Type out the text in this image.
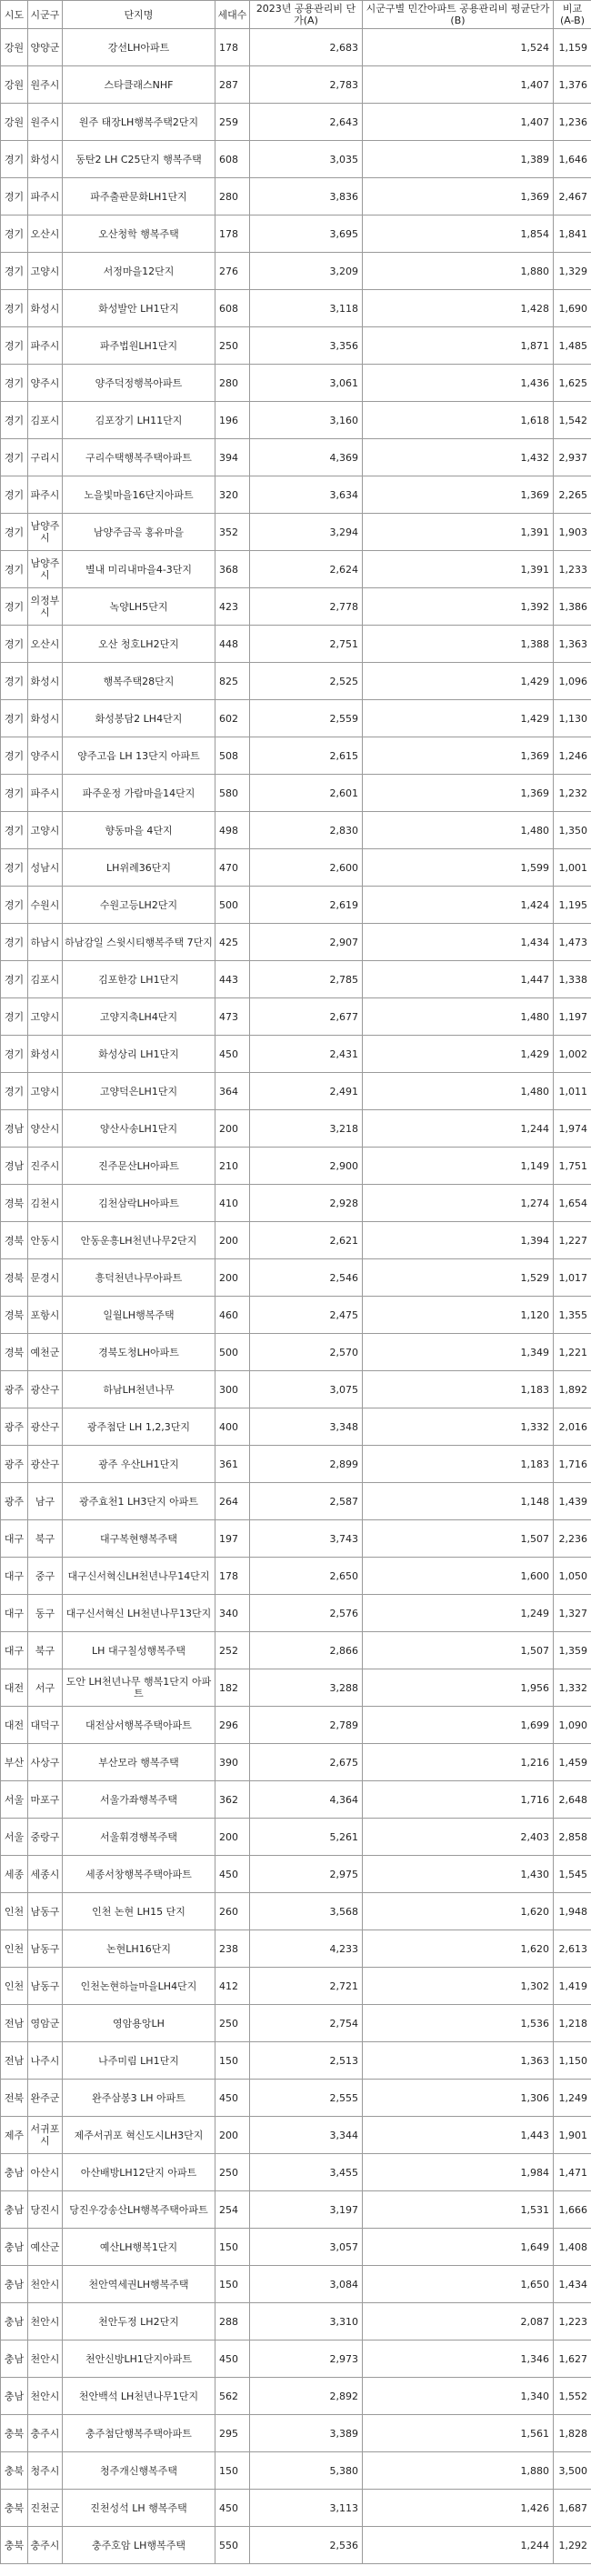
시도	시군구	단지명	세대수	2023년 공용관리비 단가(A)	시군구별 민간아파트 공용관리비 평균단가(B)	비교 (A-B)
강원	양양군	강선LH아파트	178	2,683	1,524	1,159
강원	원주시	스타클래스NHF	287	2,783	1,407	1,376
강원	원주시	원주 태장LH행복주택2단지	259	2,643	1,407	1,236
경기	화성시	동탄2 LH C25단지 행복주택	608	3,035	1,389	1,646
경기	파주시	파주출판문화LH1단지	280	3,836	1,369	2,467
경기	오산시	오산청학 행복주택	178	3,695	1,854	1,841
경기	고양시	서정마을12단지	276	3,209	1,880	1,329
경기	화성시	화성발안 LH1단지	608	3,118	1,428	1,690
경기	파주시	파주법원LH1단지	250	3,356	1,871	1,485
경기	양주시	양주덕정행복아파트	280	3,061	1,436	1,625
경기	김포시	김포장기 LH11단지	196	3,160	1,618	1,542
경기	구리시	구리수택행복주택아파트	394	4,369	1,432	2,937
경기	파주시	노을빛마을16단지아파트	320	3,634	1,369	2,265
경기	남양주시	남양주금곡 홍유마을	352	3,294	1,391	1,903
경기	남양주시	별내 미리내마을4-3단지	368	2,624	1,391	1,233
경기	의정부시	녹양LH5단지	423	2,778	1,392	1,386
경기	오산시	오산 청호LH2단지	448	2,751	1,388	1,363
경기	화성시	행복주택28단지	825	2,525	1,429	1,096
경기	화성시	화성봉담2 LH4단지	602	2,559	1,429	1,130
경기	양주시	양주고읍 LH 13단지 아파트	508	2,615	1,369	1,246
경기	파주시	파주운정 가람마을14단지	580	2,601	1,369	1,232
경기	고양시	향동마을 4단지	498	2,830	1,480	1,350
경기	성남시	LH위례36단지	470	2,600	1,599	1,001
경기	수원시	수원고등LH2단지	500	2,619	1,424	1,195
경기	하남시	하남감일 스윗시티행복주택 7단지	425	2,907	1,434	1,473
경기	김포시	김포한강 LH1단지	443	2,785	1,447	1,338
경기	고양시	고양지축LH4단지	473	2,677	1,480	1,197
경기	화성시	화성상리 LH1단지	450	2,431	1,429	1,002
경기	고양시	고양덕은LH1단지	364	2,491	1,480	1,011
경남	양산시	양산사송LH1단지	200	3,218	1,244	1,974
경남	진주시	진주문산LH아파트	210	2,900	1,149	1,751
경북	김천시	김천삼락LH아파트	410	2,928	1,274	1,654
경북	안동시	안동운흥LH천년나무2단지	200	2,621	1,394	1,227
경북	문경시	흥덕천년나무아파트	200	2,546	1,529	1,017
경북	포항시	일월LH행복주택	460	2,475	1,120	1,355
경북	예천군	경북도청LH아파트	500	2,570	1,349	1,221
광주	광산구	하남LH천년나무	300	3,075	1,183	1,892
광주	광산구	광주첨단 LH 1,2,3단지	400	3,348	1,332	2,016
광주	광산구	광주 우산LH1단지	361	2,899	1,183	1,716
광주	남구	광주효천1 LH3단지 아파트	264	2,587	1,148	1,439
대구	북구	대구복현행복주택	197	3,743	1,507	2,236
대구	중구	대구신서혁신LH천년나무14단지	178	2,650	1,600	1,050
대구	동구	대구신서혁신 LH천년나무13단지	340	2,576	1,249	1,327
대구	북구	LH 대구칠성행복주택	252	2,866	1,507	1,359
대전	서구	도안 LH천년나무 행복1단지 아파트	182	3,288	1,956	1,332
대전	대덕구	대전삼서행복주택아파트	296	2,789	1,699	1,090
부산	사상구	부산모라 행복주택	390	2,675	1,216	1,459
서울	마포구	서울가좌행복주택	362	4,364	1,716	2,648
서울	중랑구	서울휘경행복주택	200	5,261	2,403	2,858
세종	세종시	세종서창행복주택아파트	450	2,975	1,430	1,545
인천	남동구	인천 논현 LH15 단지	260	3,568	1,620	1,948
인천	남동구	논현LH16단지	238	4,233	1,620	2,613
인천	남동구	인천논현하늘마을LH4단지	412	2,721	1,302	1,419
전남	영암군	영암용앙LH	250	2,754	1,536	1,218
전남	나주시	나주미림 LH1단지	150	2,513	1,363	1,150
전북	완주군	완주삼봉3 LH 아파트	450	2,555	1,306	1,249
제주	서귀포시	제주서귀포 혁신도시LH3단지	200	3,344	1,443	1,901
충남	아산시	아산배방LH12단지 아파트	250	3,455	1,984	1,471
충남	당진시	당진우강송산LH행복주택아파트	254	3,197	1,531	1,666
충남	예산군	예산LH행복1단지	150	3,057	1,649	1,408
충남	천안시	천안역세권LH행복주택	150	3,084	1,650	1,434
충남	천안시	천안두정 LH2단지	288	3,310	2,087	1,223
충남	천안시	천안신방LH1단지아파트	450	2,973	1,346	1,627
충남	천안시	천안백석 LH천년나무1단지	562	2,892	1,340	1,552
충북	충주시	충주첨단행복주택아파트	295	3,389	1,561	1,828
충북	청주시	청주개신행복주택	150	5,380	1,880	3,500
충북	진천군	진천성석 LH 행복주택	450	3,113	1,426	1,687
충북	충주시	충주호암 LH행복주택	550	2,536	1,244	1,292
